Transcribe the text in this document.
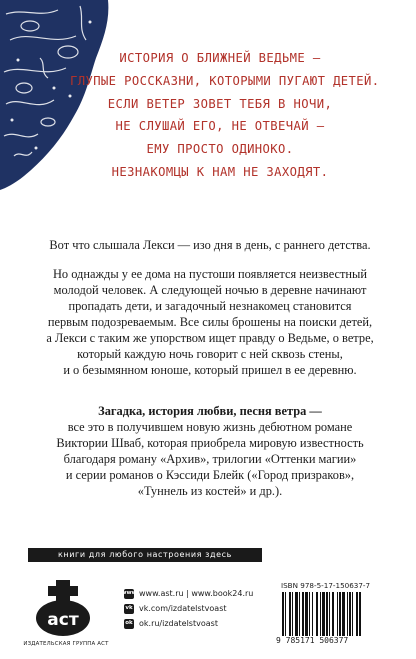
ИСТОРИЯ О БЛИЖНЕЙ ВЕДЬМЕ —
ГЛУПЫЕ РОССКАЗНИ, КОТОРЫМИ ПУГАЮТ ДЕТЕЙ.
ЕСЛИ ВЕТЕР ЗОВЕТ ТЕБЯ В НОЧИ,
НЕ СЛУШАЙ ЕГО, НЕ ОТВЕЧАЙ —
ЕМУ ПРОСТО ОДИНОКО.
НЕЗНАКОМЦЫ К НАМ НЕ ЗАХОДЯТ.
Вот что слышала Лекси — изо дня в день, с раннего детства.
Но однажды у ее дома на пустоши появляется неизвестный
молодой человек. А следующей ночью в деревне начинают
пропадать дети, и загадочный незнакомец становится
первым подозреваемым. Все силы брошены на поиски детей,
а Лекси с таким же упорством ищет правду о Ведьме, о ветре,
который каждую ночь говорит с ней сквозь стены,
и о безымянном юноше, который пришел в ее деревню.
Загадка, история любви, песня ветра —
все это в получившем новую жизнь дебютном романе
Виктории Шваб, которая приобрела мировую известность
благодаря роману «Архив», трилогии «Оттенки магии»
и серии романов о Кэссиди Блейк («Город призраков»,
«Туннель из костей» и др.).
книги для любого настроения здесь
аст
ИЗДАТЕЛЬСКАЯ ГРУППА АСТ
www www.ast.ru | www.book24.ru
vk vk.com/izdatelstvoast
ok ok.ru/izdatelstvoast
ISBN 978-5-17-150637-7
9 785171 506377
